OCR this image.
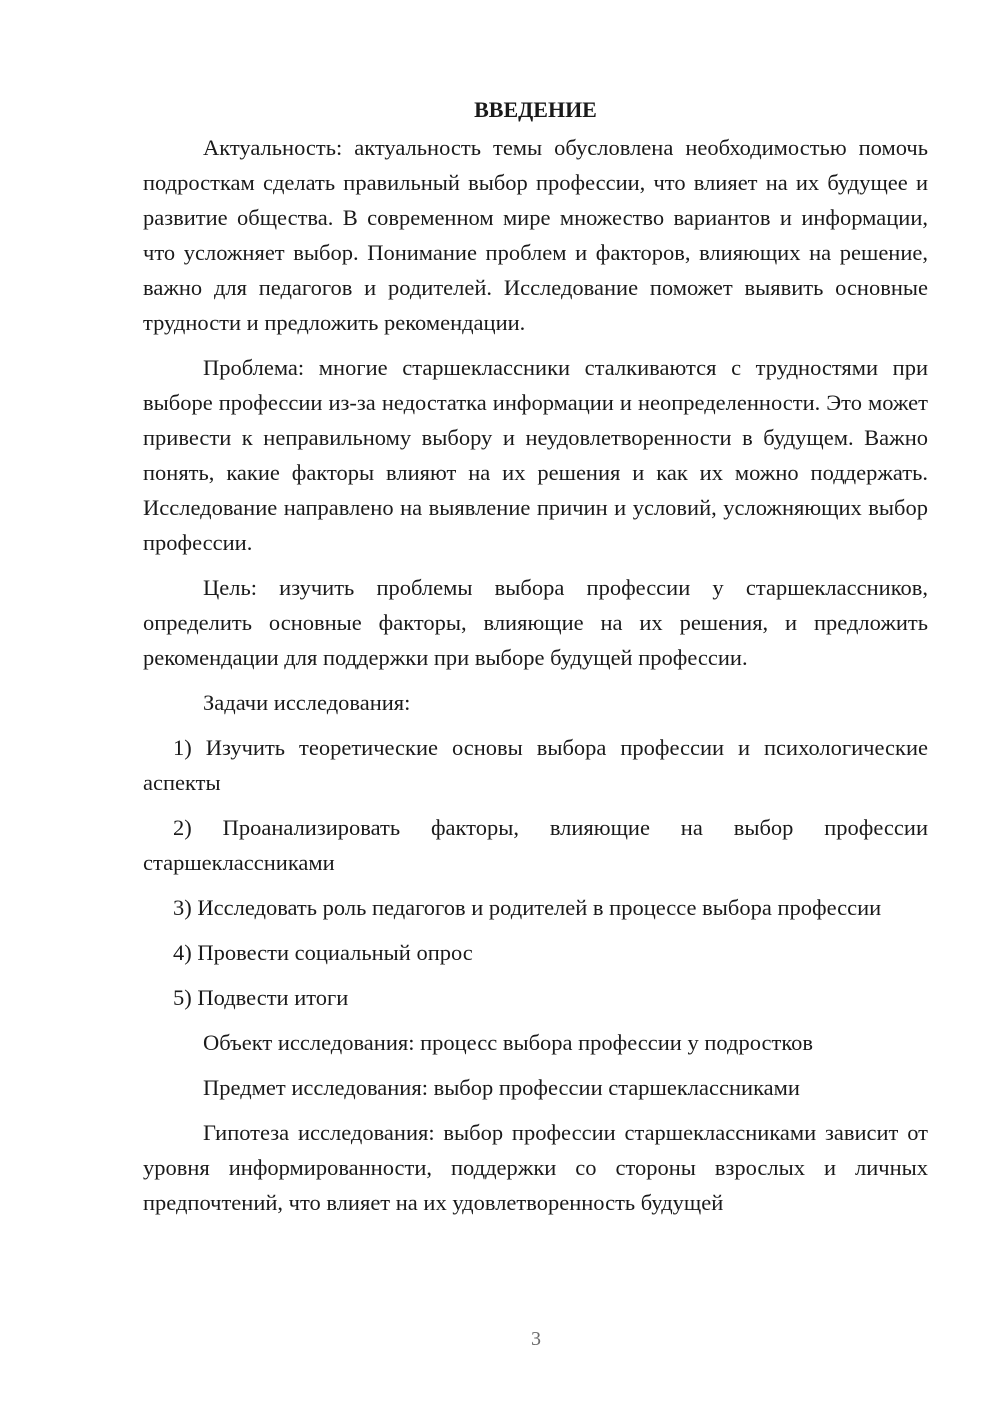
ВВЕДЕНИЕ

Актуальность: актуальность темы обусловлена необходимостью помочь подросткам сделать правильный выбор профессии, что влияет на их будущее и развитие общества. В современном мире множество вариантов и информации, что усложняет выбор. Понимание проблем и факторов, влияющих на решение, важно для педагогов и родителей. Исследование поможет выявить основные трудности и предложить рекомендации.

Проблема: многие старшеклассники сталкиваются с трудностями при выборе профессии из-за недостатка информации и неопределенности. Это может привести к неправильному выбору и неудовлетворенности в будущем. Важно понять, какие факторы влияют на их решения и как их можно поддержать. Исследование направлено на выявление причин и условий, усложняющих выбор профессии.

Цель: изучить проблемы выбора профессии у старшеклассников, определить основные факторы, влияющие на их решения, и предложить рекомендации для поддержки при выборе будущей профессии.

Задачи исследования:

1) Изучить теоретические основы выбора профессии и психологические аспекты

2) Проанализировать факторы, влияющие на выбор профессии старшеклассниками

3) Исследовать роль педагогов и родителей в процессе выбора профессии

4) Провести социальный опрос

5) Подвести итоги

Объект исследования: процесс выбора профессии у подростков

Предмет исследования: выбор профессии старшеклассниками

Гипотеза исследования: выбор профессии старшеклассниками зависит от уровня информированности, поддержки со стороны взрослых и личных предпочтений, что влияет на их удовлетворенность будущей

3
